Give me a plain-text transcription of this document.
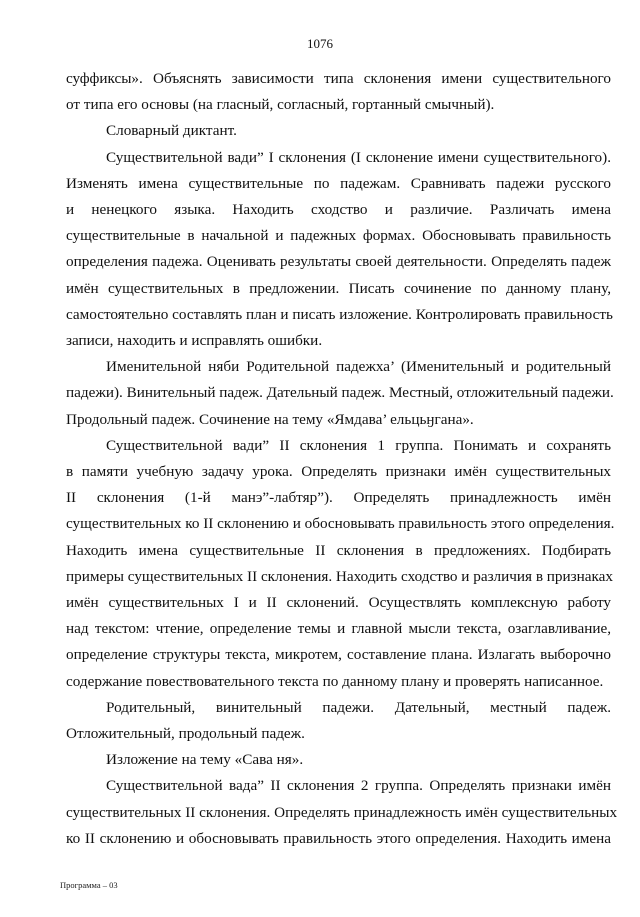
1076
суффиксы». Объяснять зависимости типа склонения имени существительного
от типа его основы (на гласный, согласный, гортанный смычный).
Словарный диктант.
Существительной вади” I склонения (I склонение имени существительного).
Изменять имена существительные по падежам. Сравнивать падежи русского
и ненецкого языка. Находить сходство и различие. Различать имена
существительные в начальной и падежных формах. Обосновывать правильность
определения падежа. Оценивать результаты своей деятельности. Определять падеж
имён существительных в предложении. Писать сочинение по данному плану,
самостоятельно составлять план и писать изложение. Контролировать правильность
записи, находить и исправлять ошибки.
Именительной няби Родительной падежха’ (Именительный и родительный
падежи). Винительный падеж. Дательный падеж. Местный, отложительный падежи.
Продольный падеж. Сочинение на тему «Ямдава’ ельцьӈгана».
Существительной вади” II склонения 1 группа. Понимать и сохранять
в памяти учебную задачу урока. Определять признаки имён существительных
II склонения (1-й манэ”-лабтяр”). Определять принадлежность имён
существительных ко II склонению и обосновывать правильность этого определения.
Находить имена существительные II склонения в предложениях. Подбирать
примеры существительных II склонения. Находить сходство и различия в признаках
имён существительных I и II склонений. Осуществлять комплексную работу
над текстом: чтение, определение темы и главной мысли текста, озаглавливание,
определение структуры текста, микротем, составление плана. Излагать выборочно
содержание повествовательного текста по данному плану и проверять написанное.
Родительный, винительный падежи. Дательный, местный падеж.
Отложительный, продольный падеж.
Изложение на тему «Сава ня».
Существительной вада” II склонения 2 группа. Определять признаки имён
существительных II склонения. Определять принадлежность имён существительных
ко II склонению и обосновывать правильность этого определения. Находить имена
Программа – 03
